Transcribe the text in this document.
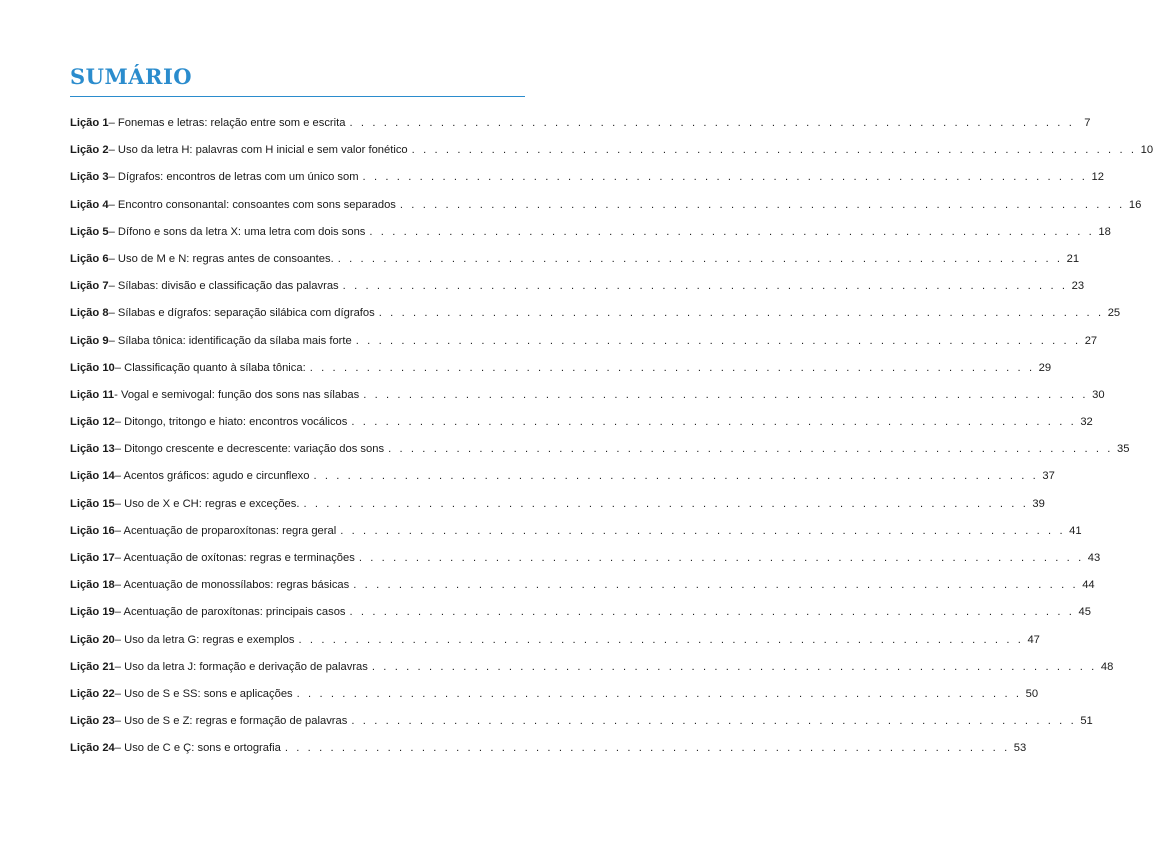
SUMÁRIO
Lição 1 – Fonemas e letras: relação entre som e escrita . . .	7
Lição 2 – Uso da letra H: palavras com H inicial e sem valor fonético . . .	10
Lição 3 – Dígrafos: encontros de letras com um único som . . .	12
Lição 4 – Encontro consonantal: consoantes com sons separados . . .	16
Lição 5 – Dífono e sons da letra X: uma letra com dois sons . . .	18
Lição 6 – Uso de M e N: regras antes de consoantes. . . .	21
Lição 7 – Sílabas: divisão e classificação das palavras . . .	23
Lição 8 – Sílabas e dígrafos: separação silábica com dígrafos . . .	25
Lição 9 – Sílaba tônica: identificação da sílaba mais forte . . .	27
Lição 10 – Classificação quanto à sílaba tônica: . . .	29
Lição 11 - Vogal e semivogal: função dos sons nas sílabas . . .	30
Lição 12 – Ditongo, tritongo e hiato: encontros vocálicos . . .	32
Lição 13 – Ditongo crescente e decrescente: variação dos sons . . .	35
Lição 14 – Acentos gráficos: agudo e circunflexo . . .	37
Lição 15 – Uso de X e CH: regras e exceções. . . .	39
Lição 16 – Acentuação de proparoxítonas: regra geral . . .	41
Lição 17 – Acentuação de oxítonas: regras e terminações . . .	43
Lição 18 – Acentuação de monossílabos: regras básicas . . .	44
Lição 19 – Acentuação de paroxítonas: principais casos . . .	45
Lição 20 – Uso da letra G: regras e exemplos . . .	47
Lição 21 – Uso da letra J: formação e derivação de palavras . . .	48
Lição 22 – Uso de S e SS: sons e aplicações . . .	50
Lição 23 – Uso de S e Z: regras e formação de palavras . . .	51
Lição 24 – Uso de C e Ç: sons e ortografia . . .	53
